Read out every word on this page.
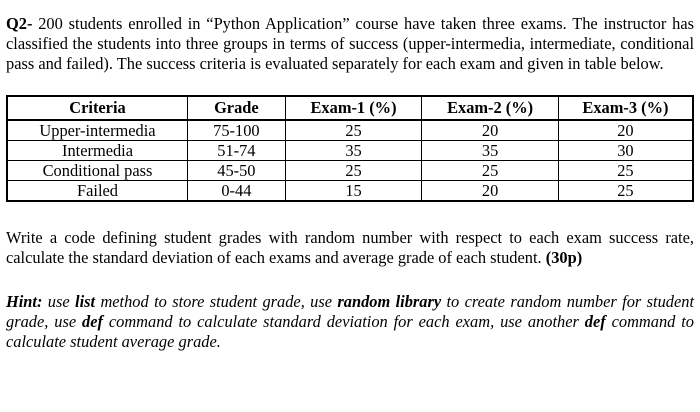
Q2- 200 students enrolled in “Python Application” course have taken three exams. The instructor has classified the students into three groups in terms of success (upper-intermedia, intermediate, conditional pass and failed). The success criteria is evaluated separately for each exam and given in table below.

Criteria	Grade	Exam-1 (%)	Exam-2 (%)	Exam-3 (%)
Upper-intermedia	75-100	25	20	20
Intermedia	51-74	35	35	30
Conditional pass	45-50	25	25	25
Failed	0-44	15	20	25

Write a code defining student grades with random number with respect to each exam success rate, calculate the standard deviation of each exams and average grade of each student. (30p)

Hint: use list method to store student grade, use random library to create random number for student grade, use def command to calculate standard deviation for each exam, use another def command to calculate student average grade.
